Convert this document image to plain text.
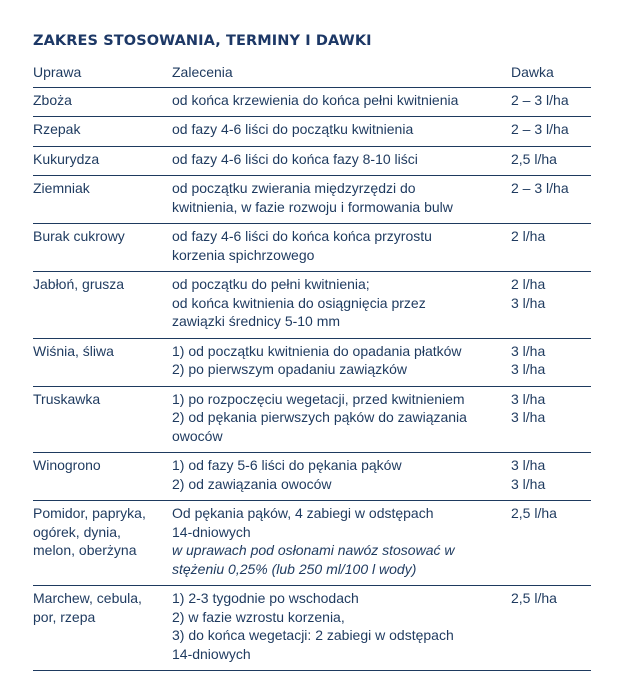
ZAKRES STOSOWANIA, TERMINY I DAWKI
Uprawa	Zalecenia	Dawka

Zboża	od końca krzewienia do końca pełni kwitnienia	2 – 3 l/ha

Rzepak	od fazy 4-6 liści do początku kwitnienia	2 – 3 l/ha

Kukurydza	od fazy 4-6 liści do końca fazy 8-10 liści	2,5 l/ha

Ziemniak	od początku zwierania międzyrzędzi do
kwitnienia, w fazie rozwoju i formowania bulw	2 – 3 l/ha

Burak cukrowy	od fazy 4-6 liści do końca końca przyrostu
korzenia spichrzowego	2 l/ha

Jabłoń, grusza	od początku do pełni kwitnienia;
od końca kwitnienia do osiągnięcia przez
zawiązki średnicy 5-10 mm	2 l/ha
3 l/ha

Wiśnia, śliwa	1) od początku kwitnienia do opadania płatków
2) po pierwszym opadaniu zawiązków	3 l/ha
3 l/ha

Truskawka	1) po rozpoczęciu wegetacji, przed kwitnieniem
2) od pękania pierwszych pąków do zawiązania
owoców	3 l/ha
3 l/ha

Winogrono	1) od fazy 5-6 liści do pękania pąków
2) od zawiązania owoców	3 l/ha
3 l/ha

Pomidor, papryka,
ogórek, dynia,
melon, oberżyna	Od pękania pąków, 4 zabiegi w odstępach
14-dniowych
w uprawach pod osłonami nawóz stosować w
stężeniu 0,25% (lub 250 ml/100 l wody)	2,5 l/ha

Marchew, cebula,
por, rzepa	1) 2-3 tygodnie po wschodach
2) w fazie wzrostu korzenia,
3) do końca wegetacji: 2 zabiegi w odstępach
14-dniowych	2,5 l/ha
